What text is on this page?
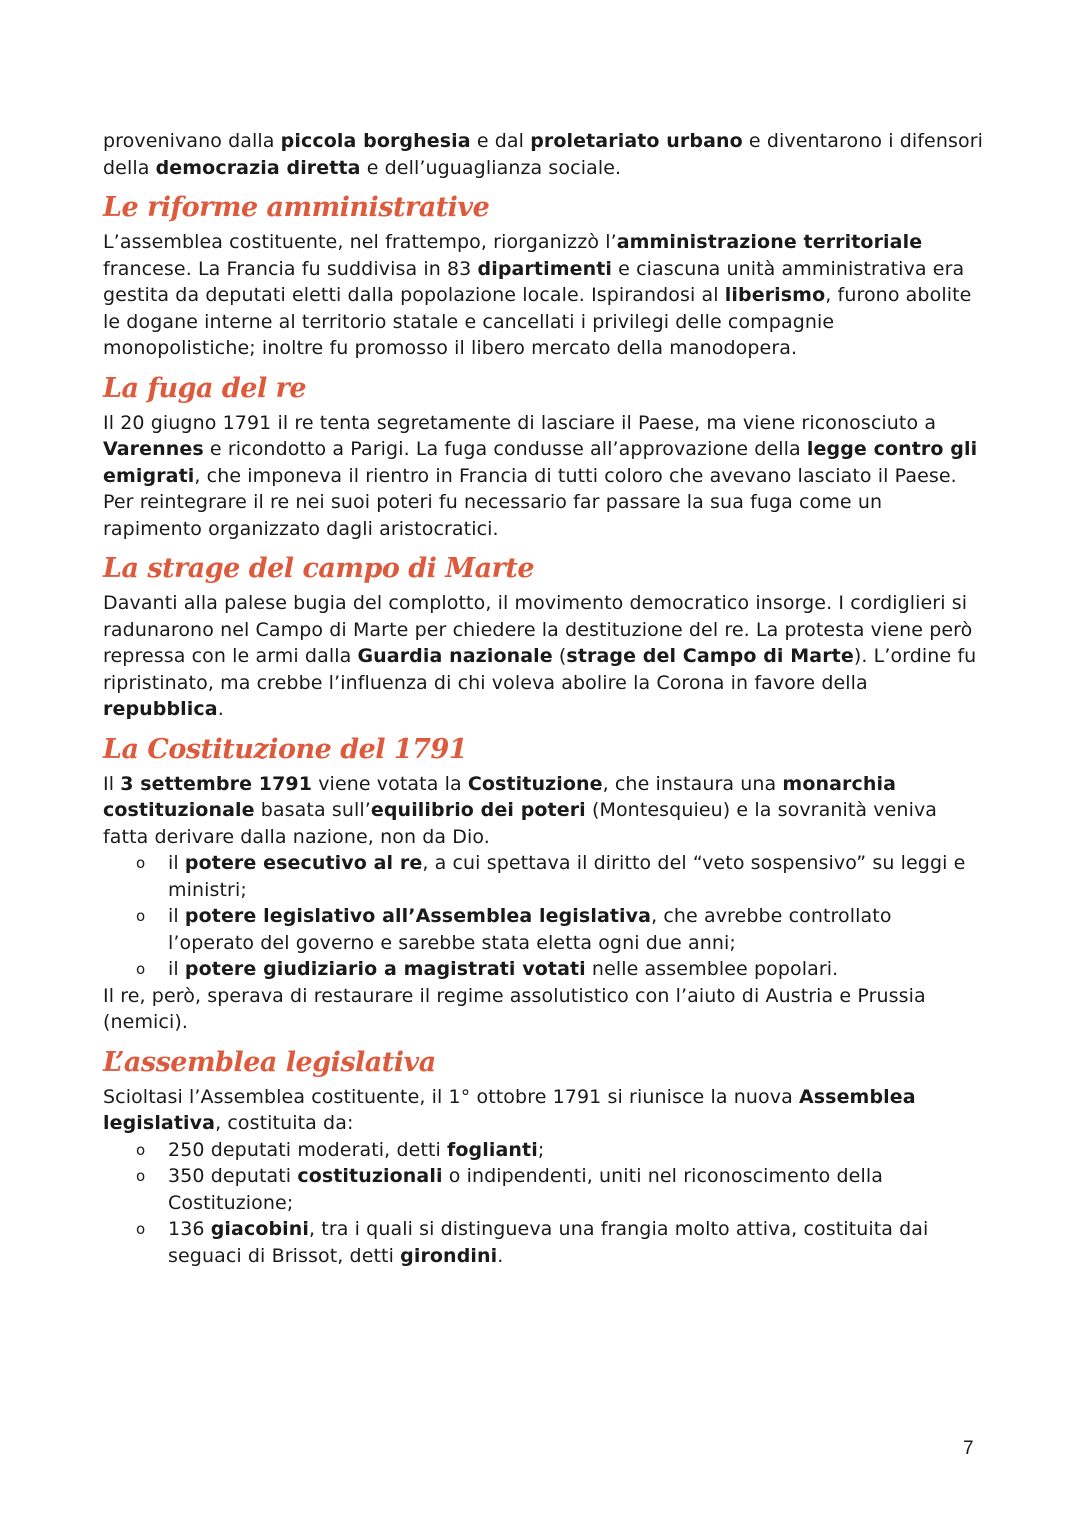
provenivano dalla piccola borghesia e dal proletariato urbano e diventarono i difensori della democrazia diretta e dell’uguaglianza sociale.

Le riforme amministrative

L’assemblea costituente, nel frattempo, riorganizzò l’amministrazione territoriale francese. La Francia fu suddivisa in 83 dipartimenti e ciascuna unità amministrativa era gestita da deputati eletti dalla popolazione locale. Ispirandosi al liberismo, furono abolite le dogane interne al territorio statale e cancellati i privilegi delle compagnie monopolistiche; inoltre fu promosso il libero mercato della manodopera.

La fuga del re

Il 20 giugno 1791 il re tenta segretamente di lasciare il Paese, ma viene riconosciuto a Varennes e ricondotto a Parigi. La fuga condusse all’approvazione della legge contro gli emigrati, che imponeva il rientro in Francia di tutti coloro che avevano lasciato il Paese. Per reintegrare il re nei suoi poteri fu necessario far passare la sua fuga come un rapimento organizzato dagli aristocratici.

La strage del campo di Marte

Davanti alla palese bugia del complotto, il movimento democratico insorge. I cordiglieri si radunarono nel Campo di Marte per chiedere la destituzione del re. La protesta viene però repressa con le armi dalla Guardia nazionale (strage del Campo di Marte). L’ordine fu ripristinato, ma crebbe l’influenza di chi voleva abolire la Corona in favore della repubblica.

La Costituzione del 1791

Il 3 settembre 1791 viene votata la Costituzione, che instaura una monarchia costituzionale basata sull’equilibrio dei poteri (Montesquieu) e la sovranità veniva fatta derivare dalla nazione, non da Dio.

o il potere esecutivo al re, a cui spettava il diritto del “veto sospensivo” su leggi e ministri;
o il potere legislativo all’Assemblea legislativa, che avrebbe controllato l’operato del governo e sarebbe stata eletta ogni due anni;
o il potere giudiziario a magistrati votati nelle assemblee popolari.

Il re, però, sperava di restaurare il regime assolutistico con l’aiuto di Austria e Prussia (nemici).

L’assemblea legislativa

Scioltasi l’Assemblea costituente, il 1° ottobre 1791 si riunisce la nuova Assemblea legislativa, costituita da:

o 250 deputati moderati, detti foglianti;
o 350 deputati costituzionali o indipendenti, uniti nel riconoscimento della Costituzione;
o 136 giacobini, tra i quali si distingueva una frangia molto attiva, costituita dai seguaci di Brissot, detti girondini.
7
